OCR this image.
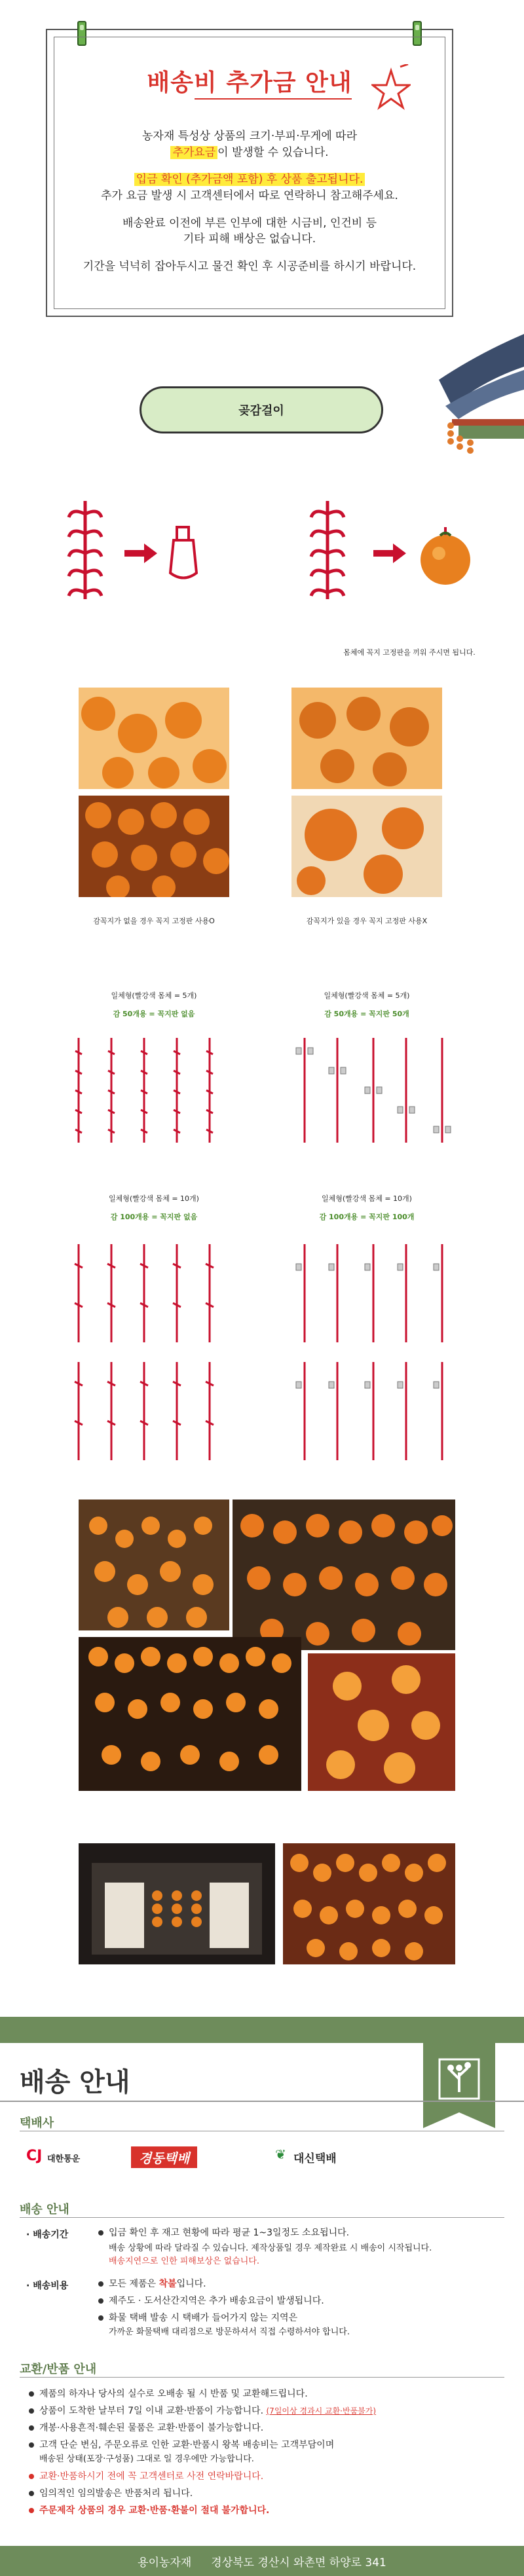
배송비 추가금 안내
농자재 특성상 상품의 크기·부피·무게에 따라
추가요금 이 발생할 수 있습니다.
입금 확인 (추가금액 포함) 후 상품 출고됩니다.
추가 요금 발생 시 고객센터에서 따로 연락하니 참고해주세요.
배송완료 이전에 부른 인부에 대한 시금비, 인건비 등
기타 피해 배상은 없습니다.
기간을 넉넉히 잡아두시고 물건 확인 후 시공준비를 하시기 바랍니다.
곶감걸이
몸체에 꼭지 고정판을 끼워 주시면 됩니다.
감꼭지가 없을 경우 꼭지 고정판 사용O	감꼭지가 있을 경우 꼭지 고정판 사용X
일체형(빨강색 몸체 = 5개)
감 50개용 = 꼭지판 없음
일체형(빨강색 몸체 = 5개)
감 50개용 = 꼭지판 50개
일체형(빨강색 몸체 = 10개)
감 100개용 = 꼭지판 없음
일체형(빨강색 몸체 = 10개)
감 100개용 = 꼭지판 100개
배송 안내
택배사
CJ 대한통운	경동택배	❦ 대신택배
배송 안내
· 배송기간	입금 확인 후 재고 현황에 따라 평균 1~3일정도 소요됩니다.
배송 상황에 따라 달라질 수 있습니다. 제작상품일 경우 제작완료 시 배송이 시작됩니다.
배송지연으로 인한 피해보상은 없습니다.
· 배송비용	모든 제품은 착불입니다.
제주도 · 도서산간지역은 추가 배송요금이 발생됩니다.
화물 택배 발송 시 택배가 들어가지 않는 지역은
가까운 화물택배 대리점으로 방문하셔서 직접 수령하셔야 합니다.
교환/반품 안내
제품의 하자나 당사의 실수로 오배송 될 시 반품 및 교환해드립니다.
상품이 도착한 날부터 7일 이내 교환·반품이 가능합니다. (7일이상 경과시 교환·반품불가)
개봉·사용흔적·훼손된 물품은 교환·반품이 불가능합니다.
고객 단순 변심, 주문오류로 인한 교환·반품시 왕복 배송비는 고객부담이며
배송된 상태(포장·구성품) 그대로 일 경우에만 가능합니다.
교환·반품하시기 전에 꼭 고객센터로 사전 연락바랍니다.
임의적인 임의발송은 반품처리 됩니다.
주문제작 상품의 경우 교환·반품·환불이 절대 불가합니다.
용이농자재 경상북도 경산시 와촌면 하양로 341
